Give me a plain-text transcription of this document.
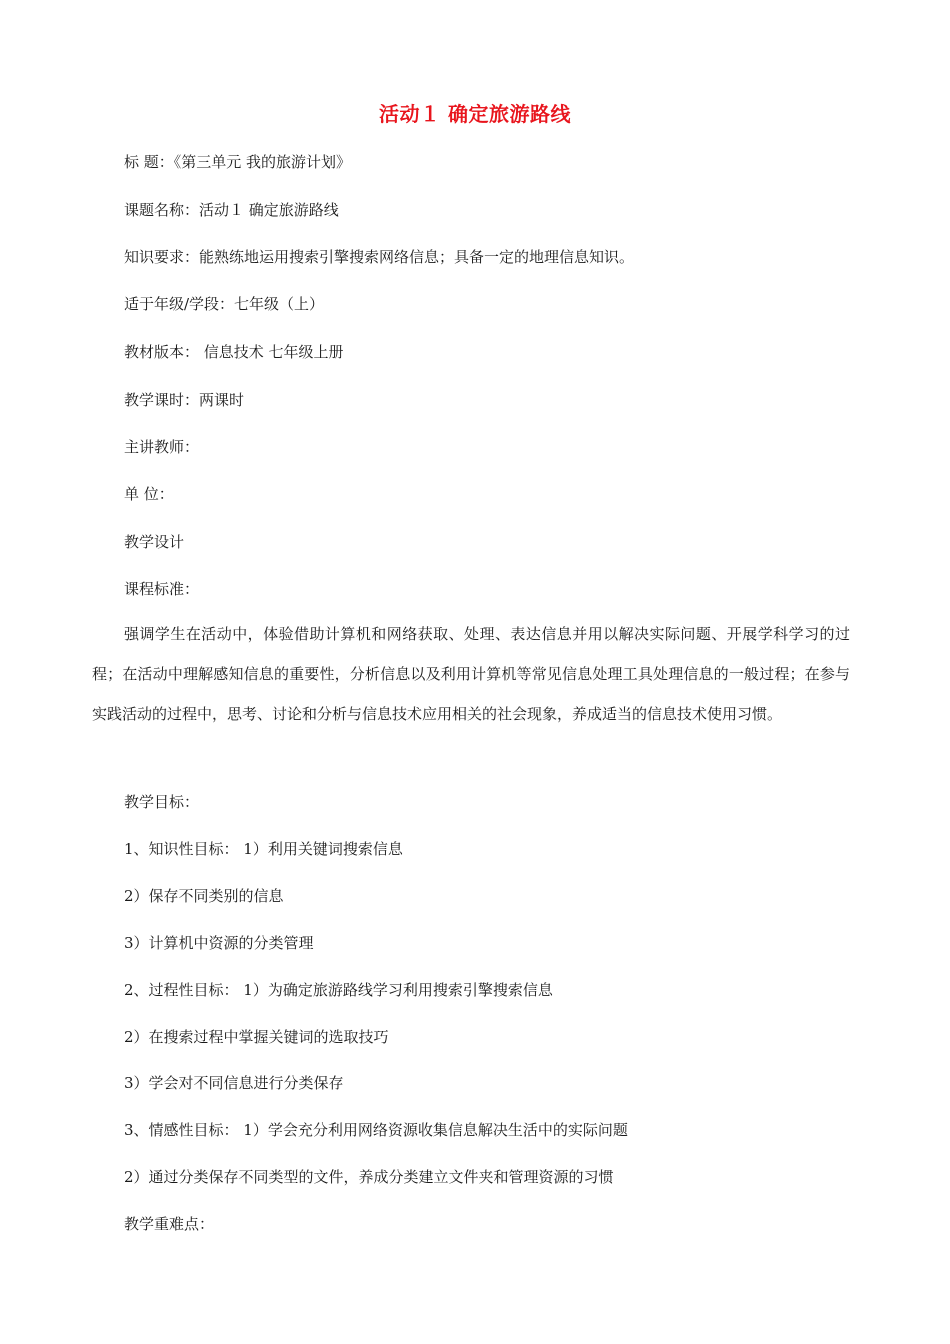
活动１ 确定旅游路线
标 题：《第三单元 我的旅游计划》
课题名称：活动１ 确定旅游路线
知识要求：能熟练地运用搜索引擎搜索网络信息；具备一定的地理信息知识。
适于年级/学段：七年级（上）
教材版本： 信息技术 七年级上册
教学课时：两课时
主讲教师：
单 位：
教学设计
课程标准：
强调学生在活动中，体验借助计算机和网络获取、处理、表达信息并用以解决实际问题、开展学科学习的过程；在活动中理解感知信息的重要性，分析信息以及利用计算机等常见信息处理工具处理信息的一般过程；在参与实践活动的过程中，思考、讨论和分析与信息技术应用相关的社会现象，养成适当的信息技术使用习惯。
教学目标：
1、知识性目标： 1）利用关键词搜索信息
2）保存不同类别的信息
3）计算机中资源的分类管理
2、过程性目标： 1）为确定旅游路线学习利用搜索引擎搜索信息
2）在搜索过程中掌握关键词的选取技巧
3）学会对不同信息进行分类保存
3、情感性目标： 1）学会充分利用网络资源收集信息解决生活中的实际问题
2）通过分类保存不同类型的文件，养成分类建立文件夹和管理资源的习惯
教学重难点：
